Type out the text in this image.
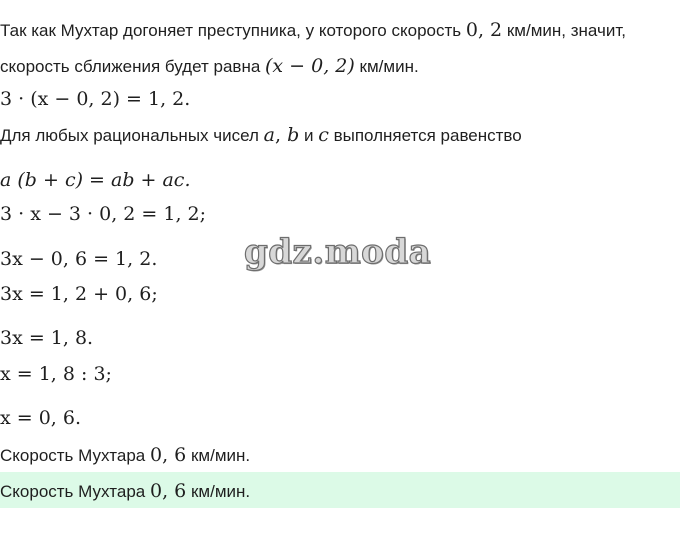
Так как Мухтар догоняет преступника, у которого скорость 0, 2 км/мин, значит,
скорость сближения будет равна (x − 0, 2) км/мин.
3 · (x − 0, 2) = 1, 2.
Для любых рациональных чисел a, b и c выполняется равенство
a (b + c) = ab + ac.
3 · x − 3 · 0, 2 = 1, 2;
3x − 0, 6 = 1, 2.
3x = 1, 2 + 0, 6;
3x = 1, 8.
x = 1, 8 : 3;
x = 0, 6.
Скорость Мухтара 0, 6 км/мин.
Скорость Мухтара 0, 6 км/мин.
gdz.moda
